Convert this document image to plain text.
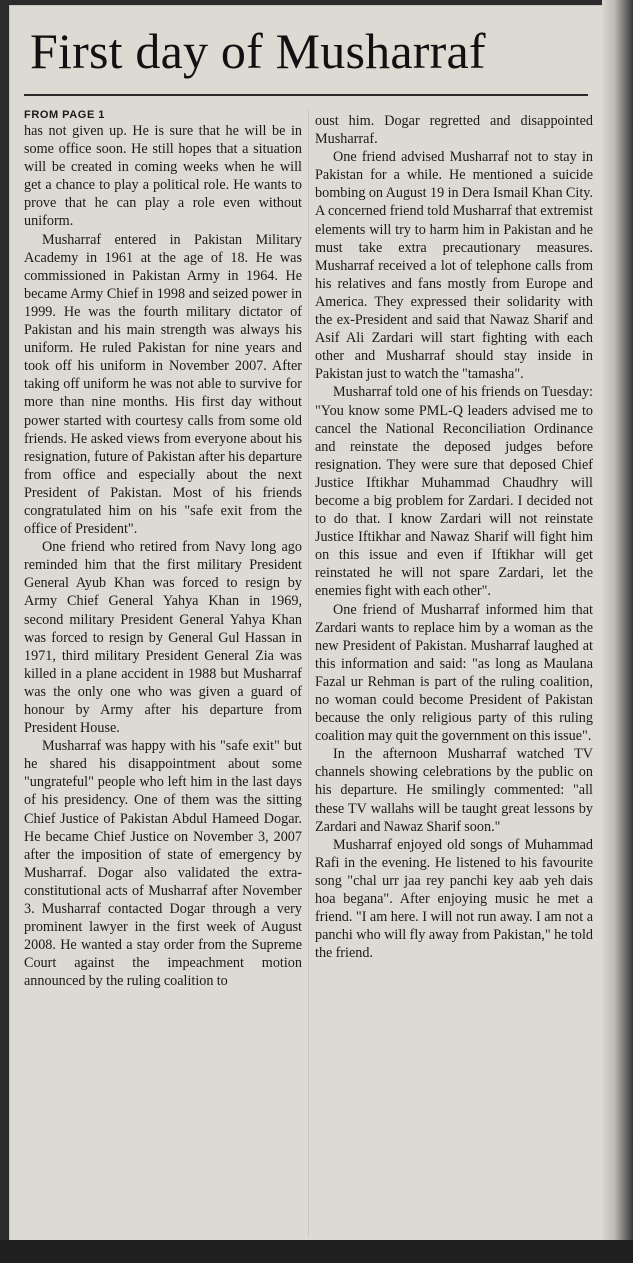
First day of Musharraf
FROM PAGE 1

has not given up. He is sure that he will be in some office soon. He still hopes that a situation will be created in coming weeks when he will get a chance to play a political role. He wants to prove that he can play a role even without uniform.

Musharraf entered in Pakistan Military Academy in 1961 at the age of 18. He was commissioned in Pakistan Army in 1964. He became Army Chief in 1998 and seized power in 1999. He was the fourth military dictator of Pakistan and his main strength was always his uniform. He ruled Pakistan for nine years and took off his uniform in November 2007. After taking off uniform he was not able to survive for more than nine months. His first day without power started with courtesy calls from some old friends. He asked views from everyone about his resignation, future of Pakistan after his departure from office and especially about the next President of Pakistan. Most of his friends congratulated him on his "safe exit from the office of President".

One friend who retired from Navy long ago reminded him that the first military President General Ayub Khan was forced to resign by Army Chief General Yahya Khan in 1969, second military President General Yahya Khan was forced to resign by General Gul Hassan in 1971, third military President General Zia was killed in a plane accident in 1988 but Musharraf was the only one who was given a guard of honour by Army after his departure from President House.

Musharraf was happy with his "safe exit" but he shared his disappointment about some "ungrateful" people who left him in the last days of his presidency. One of them was the sitting Chief Justice of Pakistan Abdul Hameed Dogar. He became Chief Justice on November 3, 2007 after the imposition of state of emergency by Musharraf. Dogar also validated the extra-constitutional acts of Musharraf after November 3. Musharraf contacted Dogar through a very prominent lawyer in the first week of August 2008. He wanted a stay order from the Supreme Court against the impeachment motion announced by the ruling coalition to

oust him. Dogar regretted and disappointed Musharraf.

One friend advised Musharraf not to stay in Pakistan for a while. He mentioned a suicide bombing on August 19 in Dera Ismail Khan City. A concerned friend told Musharraf that extremist elements will try to harm him in Pakistan and he must take extra precautionary measures. Musharraf received a lot of telephone calls from his relatives and fans mostly from Europe and America. They expressed their solidarity with the ex-President and said that Nawaz Sharif and Asif Ali Zardari will start fighting with each other and Musharraf should stay inside in Pakistan just to watch the "tamasha".

Musharraf told one of his friends on Tuesday: "You know some PML-Q leaders advised me to cancel the National Reconciliation Ordinance and reinstate the deposed judges before resignation. They were sure that deposed Chief Justice Iftikhar Muhammad Chaudhry will become a big problem for Zardari. I decided not to do that. I know Zardari will not reinstate Justice Iftikhar and Nawaz Sharif will fight him on this issue and even if Iftikhar will get reinstated he will not spare Zardari, let the enemies fight with each other".

One friend of Musharraf informed him that Zardari wants to replace him by a woman as the new President of Pakistan. Musharraf laughed at this information and said: "as long as Maulana Fazal ur Rehman is part of the ruling coalition, no woman could become President of Pakistan because the only religious party of this ruling coalition may quit the government on this issue".

In the afternoon Musharraf watched TV channels showing celebrations by the public on his departure. He smilingly commented: "all these TV wallahs will be taught great lessons by Zardari and Nawaz Sharif soon."

Musharraf enjoyed old songs of Muhammad Rafi in the evening. He listened to his favourite song "chal urr jaa rey panchi key aab yeh dais hoa begana". After enjoying music he met a friend. "I am here. I will not run away. I am not a panchi who will fly away from Pakistan," he told the friend.
